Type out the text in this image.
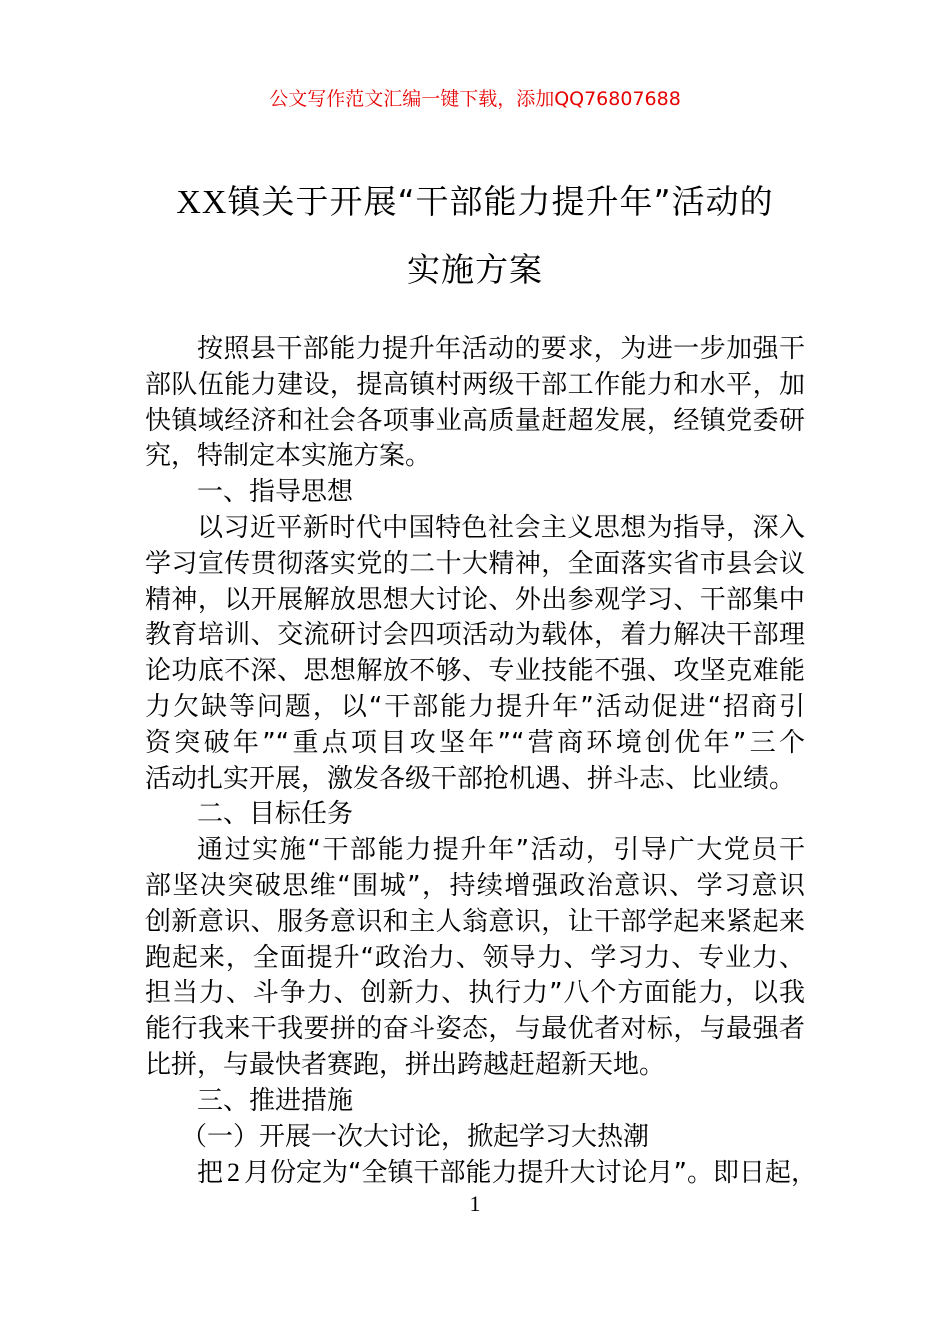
公文写作范文汇编一键下载，添加QQ76807688
XX镇关于开展“干部能力提升年”活动的
实施方案
按照县干部能力提升年活动的要求，为进一步加强干
部队伍能力建设，提高镇村两级干部工作能力和水平，加
快镇域经济和社会各项事业高质量赶超发展，经镇党委研
究，特制定本实施方案。
一、指导思想
以习近平新时代中国特色社会主义思想为指导，深入
学习宣传贯彻落实党的二十大精神，全面落实省市县会议
精神，以开展解放思想大讨论、外出参观学习、干部集中
教育培训、交流研讨会四项活动为载体，着力解决干部理
论功底不深、思想解放不够、专业技能不强、攻坚克难能
力欠缺等问题，以“干部能力提升年”活动促进“招商引
资突破年”“重点项目攻坚年”“营商环境创优年”三个
活动扎实开展，激发各级干部抢机遇、拼斗志、比业绩。
二、目标任务
通过实施“干部能力提升年”活动，引导广大党员干
部坚决突破思维“围城”，持续增强政治意识、学习意识
创新意识、服务意识和主人翁意识，让干部学起来紧起来
跑起来，全面提升“政治力、领导力、学习力、专业力、
担当力、斗争力、创新力、执行力”八个方面能力，以我
能行我来干我要拼的奋斗姿态，与最优者对标，与最强者
比拼，与最快者赛跑，拼出跨越赶超新天地。
三、推进措施
（一）开展一次大讨论，掀起学习大热潮
把 2 月份定为“全镇干部能力提升大讨论月”。即日起，
1
